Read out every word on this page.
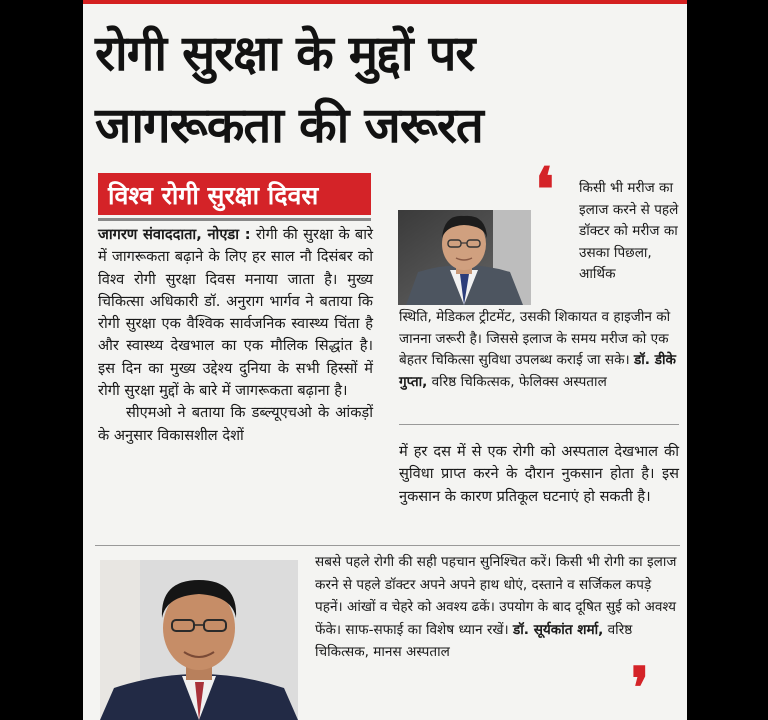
रोगी सुरक्षा के मुद्दों पर
जागरूकता की जरूरत
विश्व रोगी सुरक्षा दिवस

जागरण संवाददाता, नोएडा : रोगी की सुरक्षा के बारे में जागरूकता बढ़ाने के लिए हर साल नौ दिसंबर को विश्व रोगी सुरक्षा दिवस मनाया जाता है। मुख्य चिकित्सा अधिकारी डॉ. अनुराग भार्गव ने बताया कि रोगी सुरक्षा एक वैश्विक सार्वजनिक स्वास्थ्य चिंता है और स्वास्थ्य देखभाल का एक मौलिक सिद्धांत है। इस दिन का मुख्य उद्देश्य दुनिया के सभी हिस्सों में रोगी सुरक्षा मुद्दों के बारे में जागरूकता बढ़ाना है।
सीएमओ ने बताया कि डब्ल्यूएचओ के आंकड़ों के अनुसार विकासशील देशों

❛ किसी भी मरीज का इलाज करने से पहले डॉक्टर को मरीज का उसका पिछला, आर्थिक
स्थिति, मेडिकल ट्रीटमेंट, उसकी शिकायत व हाइजीन को जानना जरूरी है। जिससे इलाज के समय मरीज को एक बेहतर चिकित्सा सुविधा उपलब्ध कराई जा सके। डॉ. डीके गुप्ता, वरिष्ठ चिकित्सक, फेलिक्स अस्पताल

में हर दस में से एक रोगी को अस्पताल देखभाल की सुविधा प्राप्त करने के दौरान नुकसान होता है। इस नुकसान के कारण प्रतिकूल घटनाएं हो सकती है।

सबसे पहले रोगी की सही पहचान सुनिश्चित करें। किसी भी रोगी का इलाज करने से पहले डॉक्टर अपने अपने हाथ धोएं, दस्ताने व सर्जिकल कपड़े पहनें। आंखों व चेहरे को अवश्य ढकें। उपयोग के बाद दूषित सुई को अवश्य फेंके। साफ-सफाई का विशेष ध्यान रखें। डॉ. सूर्यकांत शर्मा, वरिष्ठ चिकित्सक, मानस अस्पताल

❜
